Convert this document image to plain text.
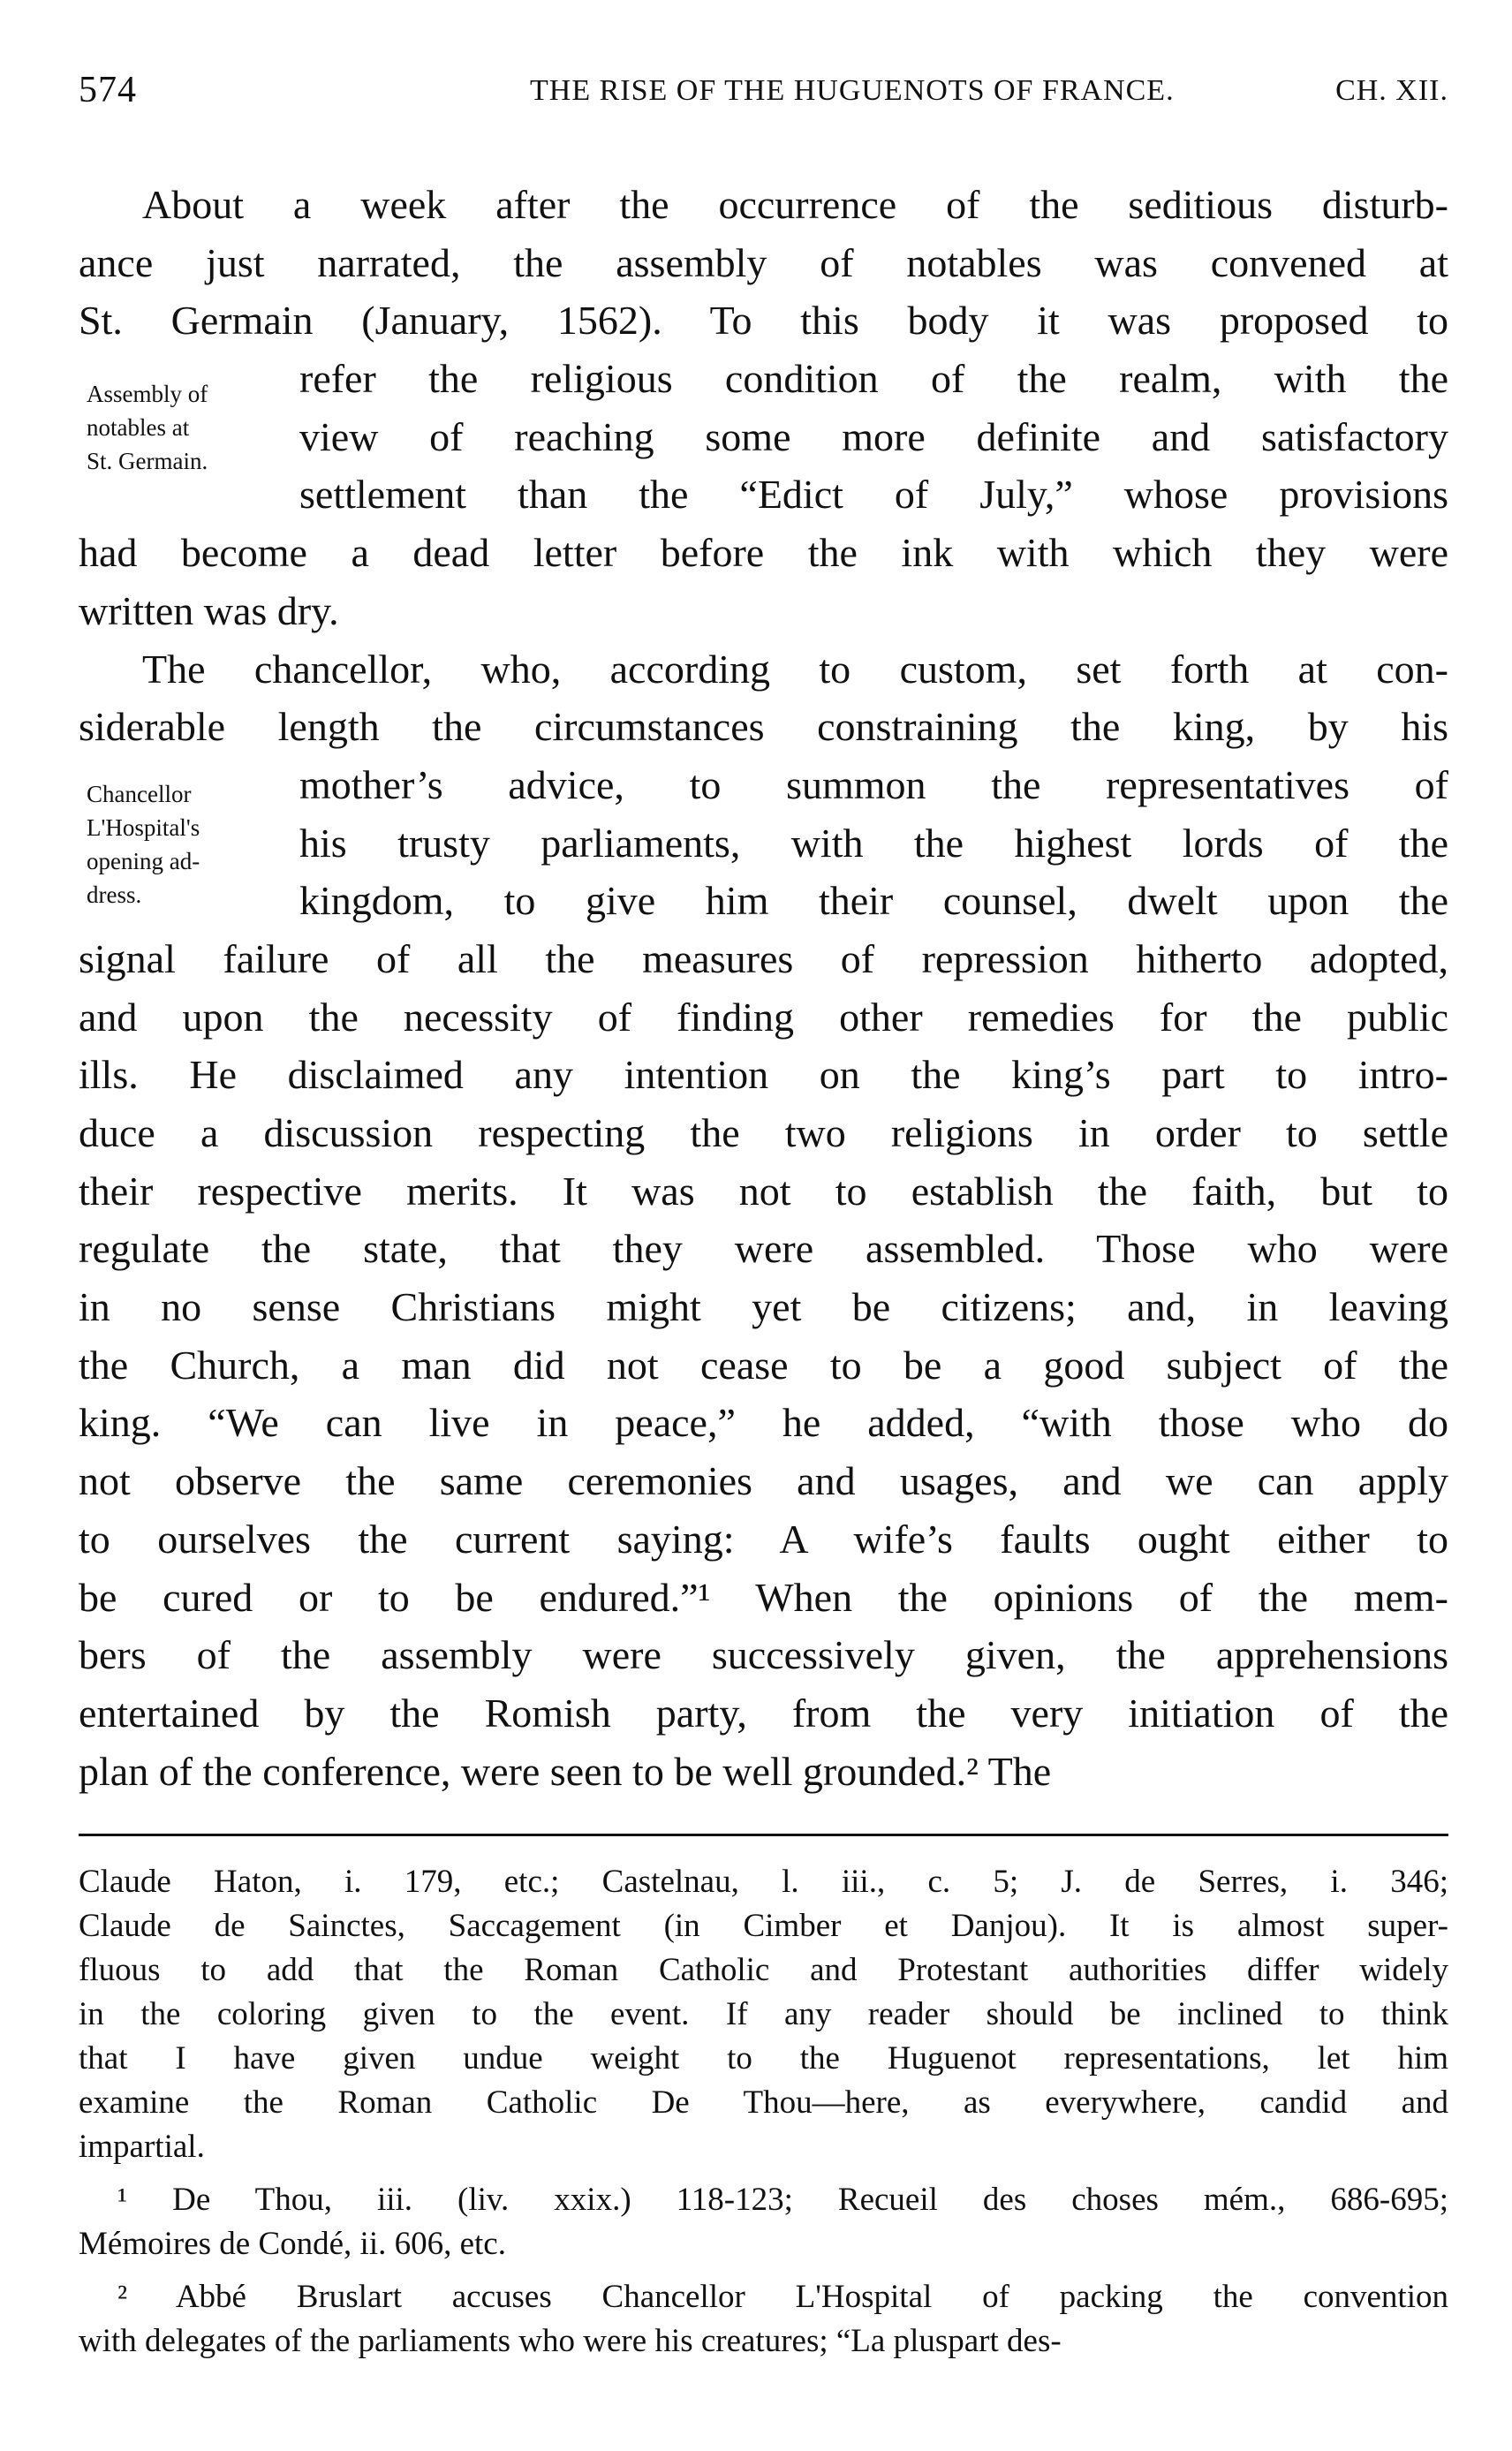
574	THE RISE OF THE HUGUENOTS OF FRANCE.	CH. XII.
Assembly of
notables at
St. Germain.
Chancellor
L'Hospital's
opening ad-
dress.
About a week after the occurrence of the seditious disturb-
ance just narrated, the assembly of notables was convened at
St. Germain (January, 1562). To this body it was proposed to
refer the religious condition of the realm, with the
view of reaching some more definite and satisfactory
settlement than the “Edict of July,” whose provisions
had become a dead letter before the ink with which they were
written was dry.
The chancellor, who, according to custom, set forth at con-
siderable length the circumstances constraining the king, by his
mother’s advice, to summon the representatives of
his trusty parliaments, with the highest lords of the
kingdom, to give him their counsel, dwelt upon the
signal failure of all the measures of repression hitherto adopted,
and upon the necessity of finding other remedies for the public
ills. He disclaimed any intention on the king’s part to intro-
duce a discussion respecting the two religions in order to settle
their respective merits. It was not to establish the faith, but to
regulate the state, that they were assembled. Those who were
in no sense Christians might yet be citizens; and, in leaving
the Church, a man did not cease to be a good subject of the
king. “We can live in peace,” he added, “with those who do
not observe the same ceremonies and usages, and we can apply
to ourselves the current saying: A wife’s faults ought either to
be cured or to be endured.”¹ When the opinions of the mem-
bers of the assembly were successively given, the apprehensions
entertained by the Romish party, from the very initiation of the
plan of the conference, were seen to be well grounded.² The
Claude Haton, i. 179, etc.; Castelnau, l. iii., c. 5; J. de Serres, i. 346;
Claude de Sainctes, Saccagement (in Cimber et Danjou). It is almost super-
fluous to add that the Roman Catholic and Protestant authorities differ widely
in the coloring given to the event. If any reader should be inclined to think
that I have given undue weight to the Huguenot representations, let him
examine the Roman Catholic De Thou—here, as everywhere, candid and
impartial.
¹ De Thou, iii. (liv. xxix.) 118-123; Recueil des choses mém., 686-695;
Mémoires de Condé, ii. 606, etc.
² Abbé Bruslart accuses Chancellor L'Hospital of packing the convention
with delegates of the parliaments who were his creatures; “La pluspart des-
